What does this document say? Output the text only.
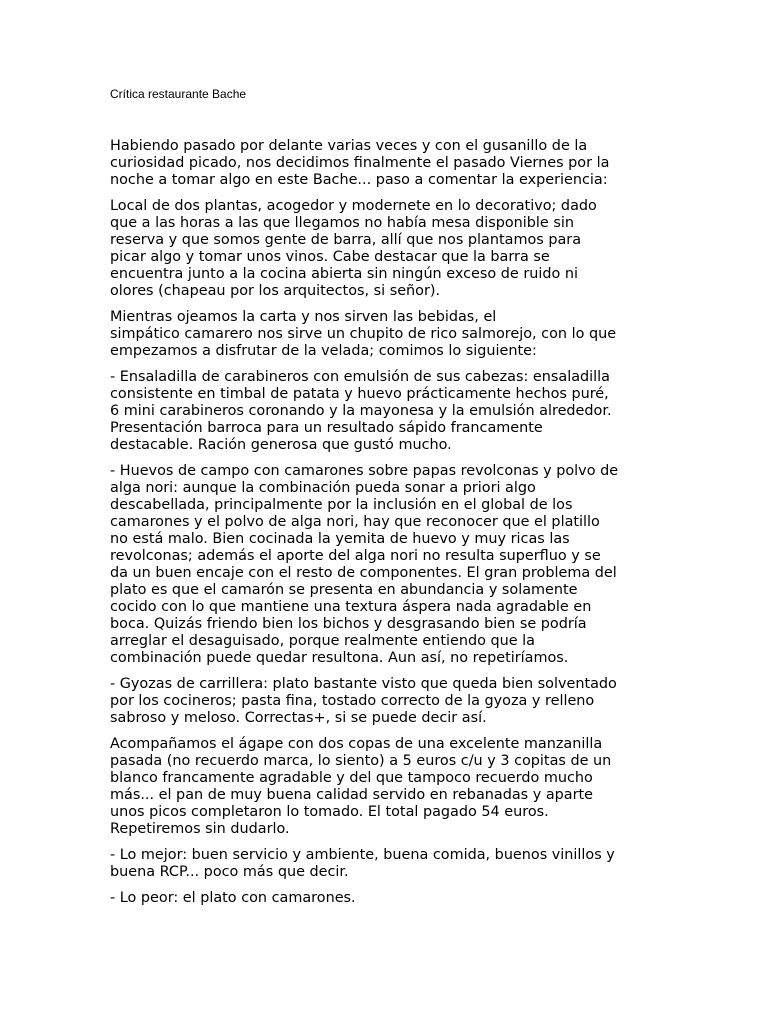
Crítica restaurante Bache

Habiendo pasado por delante varias veces y con el gusanillo de la
curiosidad picado, nos decidimos finalmente el pasado Viernes por la
noche a tomar algo en este Bache... paso a comentar la experiencia:

Local de dos plantas, acogedor y modernete en lo decorativo; dado
que a las horas a las que llegamos no había mesa disponible sin
reserva y que somos gente de barra, allí que nos plantamos para
picar algo y tomar unos vinos. Cabe destacar que la barra se
encuentra junto a la cocina abierta sin ningún exceso de ruido ni
olores (chapeau por los arquitectos, si señor).

Mientras ojeamos la carta y nos sirven las bebidas, el
simpático camarero nos sirve un chupito de rico salmorejo, con lo que
empezamos a disfrutar de la velada; comimos lo siguiente:

- Ensaladilla de carabineros con emulsión de sus cabezas: ensaladilla
consistente en timbal de patata y huevo prácticamente hechos puré,
6 mini carabineros coronando y la mayonesa y la emulsión alrededor.
Presentación barroca para un resultado sápido francamente
destacable. Ración generosa que gustó mucho.

- Huevos de campo con camarones sobre papas revolconas y polvo de
alga nori: aunque la combinación pueda sonar a priori algo
descabellada, principalmente por la inclusión en el global de los
camarones y el polvo de alga nori, hay que reconocer que el platillo
no está malo. Bien cocinada la yemita de huevo y muy ricas las
revolconas; además el aporte del alga nori no resulta superfluo y se
da un buen encaje con el resto de componentes. El gran problema del
plato es que el camarón se presenta en abundancia y solamente
cocido con lo que mantiene una textura áspera nada agradable en
boca. Quizás friendo bien los bichos y desgrasando bien se podría
arreglar el desaguisado, porque realmente entiendo que la
combinación puede quedar resultona. Aun así, no repetiríamos.

- Gyozas de carrillera: plato bastante visto que queda bien solventado
por los cocineros; pasta fina, tostado correcto de la gyoza y relleno
sabroso y meloso. Correctas+, si se puede decir así.

Acompañamos el ágape con dos copas de una excelente manzanilla
pasada (no recuerdo marca, lo siento) a 5 euros c/u y 3 copitas de un
blanco francamente agradable y del que tampoco recuerdo mucho
más... el pan de muy buena calidad servido en rebanadas y aparte
unos picos completaron lo tomado. El total pagado 54 euros.
Repetiremos sin dudarlo.

- Lo mejor: buen servicio y ambiente, buena comida, buenos vinillos y
buena RCP... poco más que decir.

- Lo peor: el plato con camarones.
